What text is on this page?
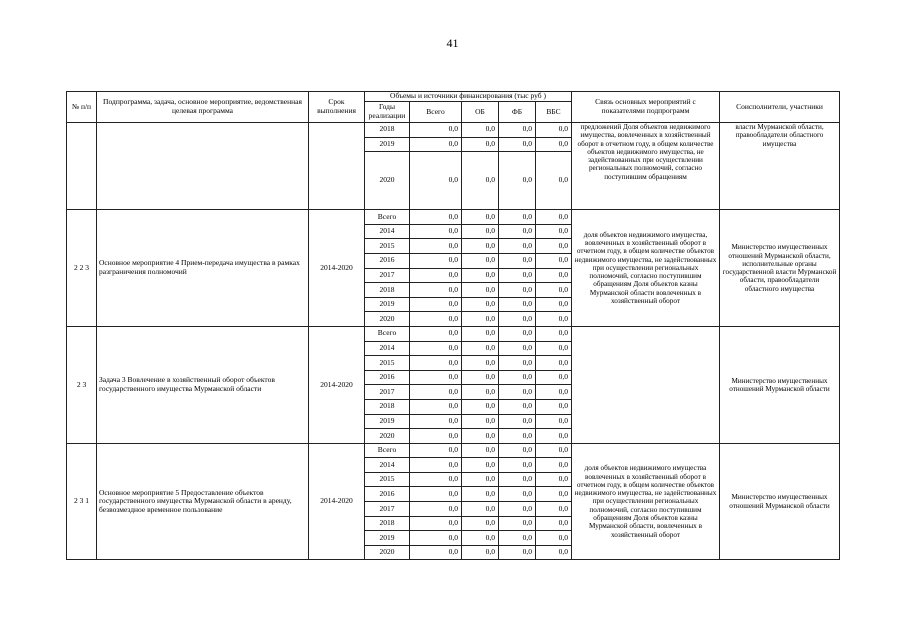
41
№ п/п	Подпрограмма, задача, основное мероприятие, ведомственная целевая программа	Срок выполнения	Объемы и источники финансирования (тыс руб )					Связь основных мероприятий с показателями подпрограмм	Соисполнители, участники
			Годы реализации	Всего	ОБ	ФБ	ВБС		
			2018	0,0	0,0	0,0	0,0	предложений Доля объектов недвижимого имущества, вовлеченных в хозяйственный оборот в отчетном году, в общем количестве объектов недвижимого имущества, не задействованных при осуществлении региональных полномочий, согласно поступившим обращениям	власти Мурманской области, правообладатели областного имущества
			2019	0,0	0,0	0,0	0,0		
			2020	0,0	0,0	0,0	0,0		
2 2 3	Основное мероприятие 4 Прием-передача имущества в рамках разграничения полномочий	2014-2020	Всего	0,0	0,0	0,0	0,0	доля объектов недвижимого имущества, вовлеченных в хозяйственный оборот в отчетном году, в общем количестве объектов недвижимого имущества, не задействованных при осуществлении региональных полномочий, согласно поступившим обращениям Доля объектов казны Мурманской области вовлеченных в хозяйственный оборот	Министерство имущественных отношений Мурманской области, исполнительные органы государственной власти Мурманской области, правообладатели областного имущества
			2014	0,0	0,0	0,0	0,0		
			2015	0,0	0,0	0,0	0,0		
			2016	0,0	0,0	0,0	0,0		
			2017	0,0	0,0	0,0	0,0		
			2018	0,0	0,0	0,0	0,0		
			2019	0,0	0,0	0,0	0,0		
			2020	0,0	0,0	0,0	0,0		
2 3	Задача 3 Вовлечение в хозяйственный оборот объектов государственного имущества Мурманской области	2014-2020	Всего	0,0	0,0	0,0	0,0		Министерство имущественных отношений Мурманской области
			2014	0,0	0,0	0,0	0,0		
			2015	0,0	0,0	0,0	0,0		
			2016	0,0	0,0	0,0	0,0		
			2017	0,0	0,0	0,0	0,0		
			2018	0,0	0,0	0,0	0,0		
			2019	0,0	0,0	0,0	0,0		
			2020	0,0	0,0	0,0	0,0		
2 3 1	Основное мероприятие 5 Предоставление объектов государственного имущества Мурманской области в аренду, безвозмездное временное пользование	2014-2020	Всего	0,0	0,0	0,0	0,0	доля объектов недвижимого имущества вовлеченных в хозяйственный оборот в отчетном году, в общем количестве объектов недвижимого имущества, не задействованных при осуществлении региональных полномочий, согласно поступившим обращениям Доля объектов казны Мурманской области, вовлеченных в хозяйственный оборот	Министерство имущественных отношений Мурманской области
			2014	0,0	0,0	0,0	0,0		
			2015	0,0	0,0	0,0	0,0		
			2016	0,0	0,0	0,0	0,0		
			2017	0,0	0,0	0,0	0,0		
			2018	0,0	0,0	0,0	0,0		
			2019	0,0	0,0	0,0	0,0		
			2020	0,0	0,0	0,0	0,0		
